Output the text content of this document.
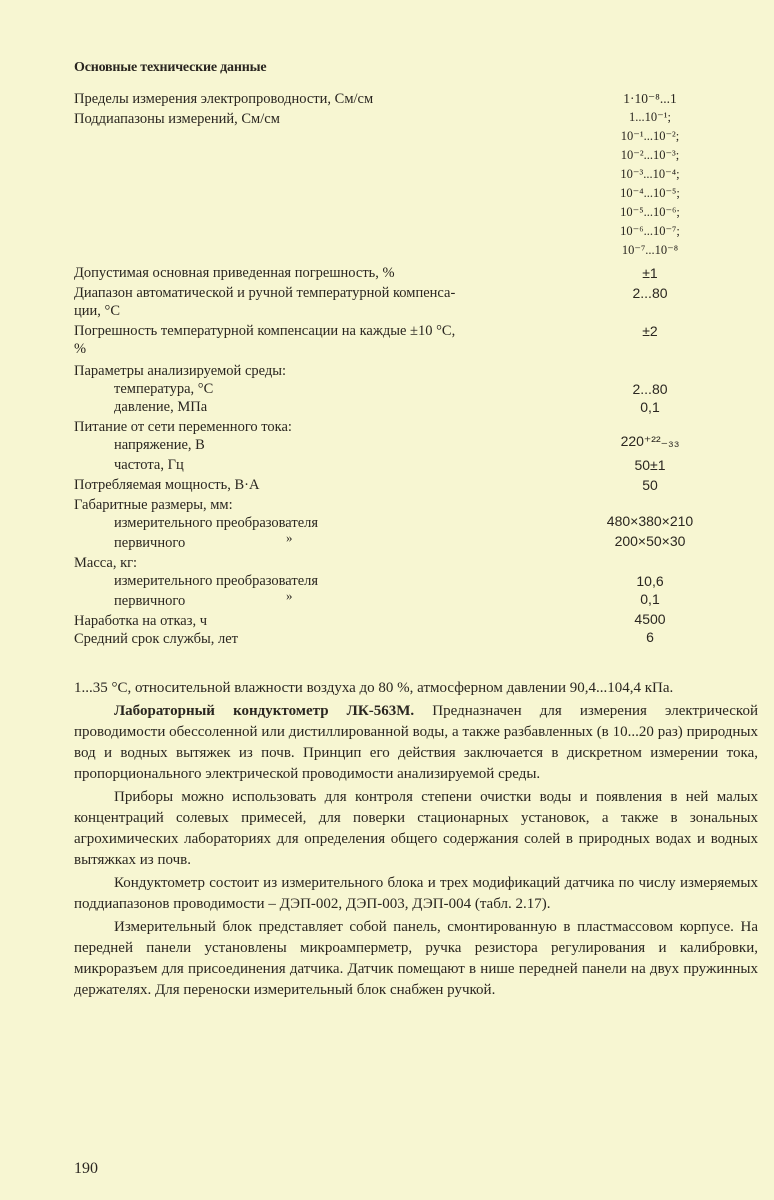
Основные технические данные
Пределы измерения электропроводности, См/см	1·10⁻⁸...1
Поддиапазоны измерений, См/см	1...10⁻¹;
10⁻¹...10⁻²;
10⁻²...10⁻³;
10⁻³...10⁻⁴;
10⁻⁴...10⁻⁵;
10⁻⁵...10⁻⁶;
10⁻⁶...10⁻⁷;
10⁻⁷...10⁻⁸
Допустимая основная приведенная погрешность, %	±1
Диапазон автоматической и ручной температурной компенса-	2...80
ции, °С
Погрешность температурной компенсации на каждые ±10 °С,	±2
%
Параметры анализируемой среды:
температура, °С	2...80
давление, МПа	0,1
Питание от сети переменного тока:
напряжение, В	220⁺²²₋₃₃
частота, Гц	50±1
Потребляемая мощность, В·А	50
Габаритные размеры, мм:
измерительного преобразователя	480×380×210
первичного	»	200×50×30
Масса, кг:
измерительного преобразователя	10,6
первичного	»	0,1
Наработка на отказ, ч	4500
Средний срок службы, лет	6
1...35 °С, относительной влажности воздуха до 80 %, атмосферном давлении 90,4...104,4 кПа.
Лабораторный кондуктометр ЛК-563М. Предназначен для измерения электрической проводимости обессоленной или дистиллированной воды, а также разбавленных (в 10...20 раз) природных вод и водных вытяжек из почв. Принцип его действия заключается в дискретном измерении тока, пропорционального электрической проводимости анализируемой среды.
Приборы можно использовать для контроля степени очистки воды и появления в ней малых концентраций солевых примесей, для поверки стационарных установок, а также в зональных агрохимических лабораториях для определения общего содержания солей в природных водах и водных вытяжках из почв.
Кондуктометр состоит из измерительного блока и трех модификаций датчика по числу измеряемых поддиапазонов проводимости – ДЭП-002, ДЭП-003, ДЭП-004 (табл. 2.17).
Измерительный блок представляет собой панель, смонтированную в пластмассовом корпусе. На передней панели установлены микроамперметр, ручка резистора регулирования и калибровки, микроразъем для присоединения датчика. Датчик помещают в нише передней панели на двух пружинных держателях. Для переноски измерительный блок снабжен ручкой.
190
